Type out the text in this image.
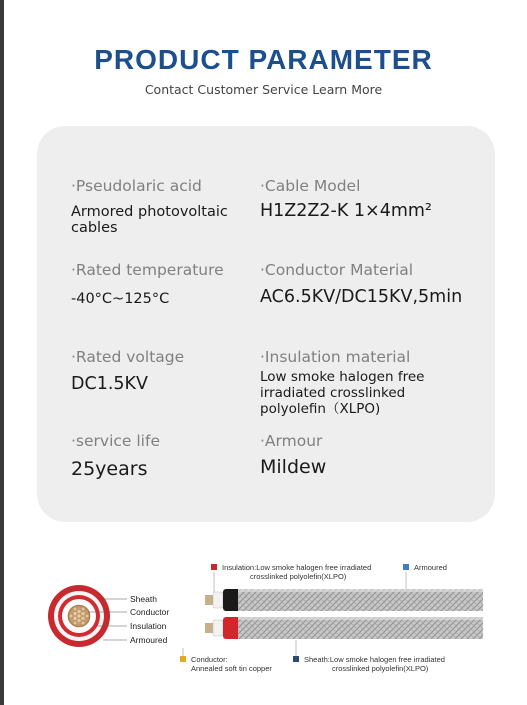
PRODUCT PARAMETER
Contact Customer Service Learn More
·Pseudolaric acid
Armored photovoltaic cables
·Cable Model
H1Z2Z2-K 1×4mm²
·Rated temperature
-40°C~125°C
·Conductor Material
AC6.5KV/DC15KV,5min
·Rated voltage
DC1.5KV
·Insulation material
Low smoke halogen free irradiated crosslinked polyolefin（XLPO)
·service life
25years
·Armour
Mildew
Insulation:Low smoke halogen free irradiated
crosslinked polyolefin(XLPO)
Armoured
Conductor:
Annealed soft tin copper
Sheath:Low smoke halogen free irradiated
crosslinked polyolefin(XLPO)
Sheath
Conductor
Insulation
Armoured
